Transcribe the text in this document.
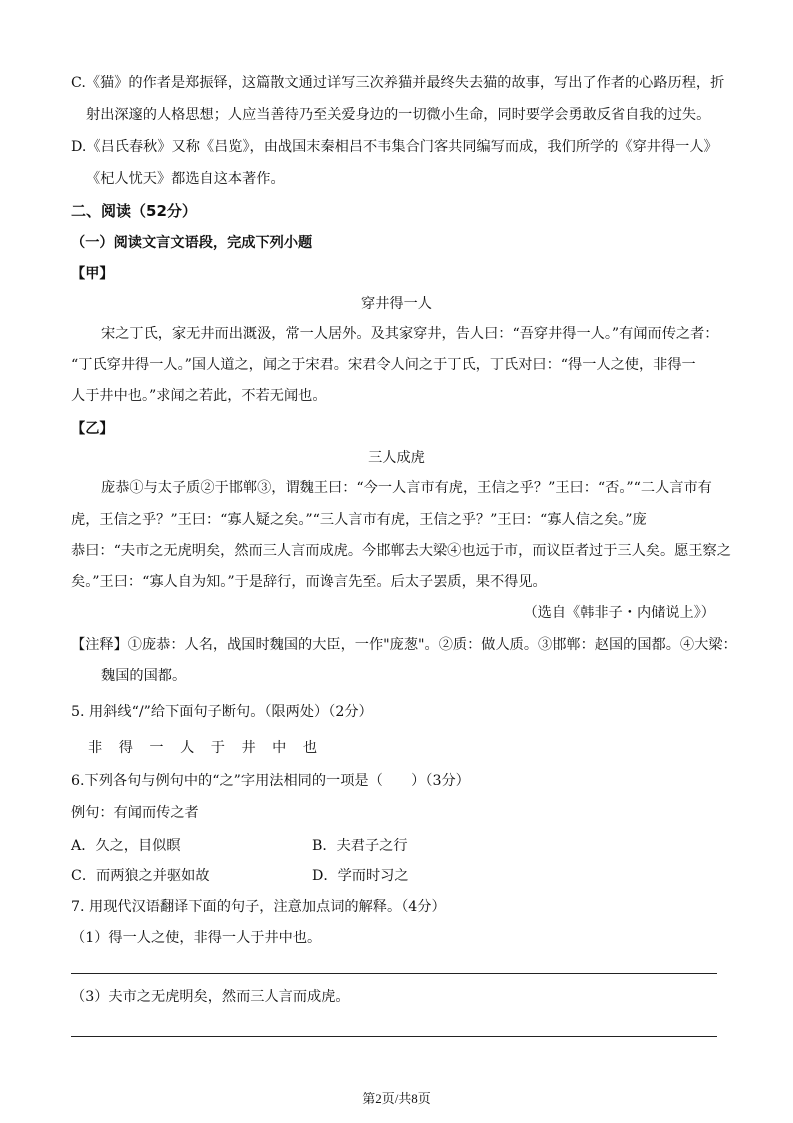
C.《猫》的作者是郑振铎，这篇散文通过详写三次养猫并最终失去猫的故事，写出了作者的心路历程，折
射出深邃的人格思想；人应当善待乃至关爱身边的一切微小生命，同时要学会勇敢反省自我的过失。
D.《吕氏春秋》又称《吕览》，由战国末秦相吕不韦集合门客共同编写而成，我们所学的《穿井得一人》
《杞人忧天》都选自这本著作。
二、阅读（52分）
（一）阅读文言文语段，完成下列小题
【甲】
穿井得一人
宋之丁氏，家无井而出溉汲，常一人居外。及其家穿井，告人曰：“吾穿井得一人。”有闻而传之者：
“丁氏穿井得一人。”国人道之，闻之于宋君。宋君令人问之于丁氏，丁氏对曰：“得一人之使，非得一
人于井中也。”求闻之若此，不若无闻也。
【乙】
三人成虎
庞恭①与太子质②于邯郸③，谓魏王曰：“今一人言市有虎，王信之乎？”王曰：“否。”“二人言市有
虎，王信之乎？”王曰：“寡人疑之矣。”“三人言市有虎，王信之乎？”王曰：“寡人信之矣。”庞
恭曰：“夫市之无虎明矣，然而三人言而成虎。今邯郸去大梁④也远于市，而议臣者过于三人矣。愿王察之
矣。”王曰：“寡人自为知。”于是辞行，而谗言先至。后太子罢质，果不得见。
（选自《韩非子・内储说上》）
【注释】①庞恭：人名，战国时魏国的大臣，一作"庞葱"。②质：做人质。③邯郸：赵国的国都。④大梁：
魏国的国都。
5. 用斜线“/”给下面句子断句。（限两处）（2分）
非得一人于井中也
6.下列各句与例句中的“之”字用法相同的一项是（　　）（3分）
例句：有闻而传之者
A．久之，目似瞑	B．夫君子之行
C．而两狼之并驱如故	D．学而时习之
7. 用现代汉语翻译下面的句子，注意加点词的解释。（4分）
（1）得一人之使，非得一人于井中也。
（3）夫市之无虎明矣，然而三人言而成虎。
第2页/共8页
